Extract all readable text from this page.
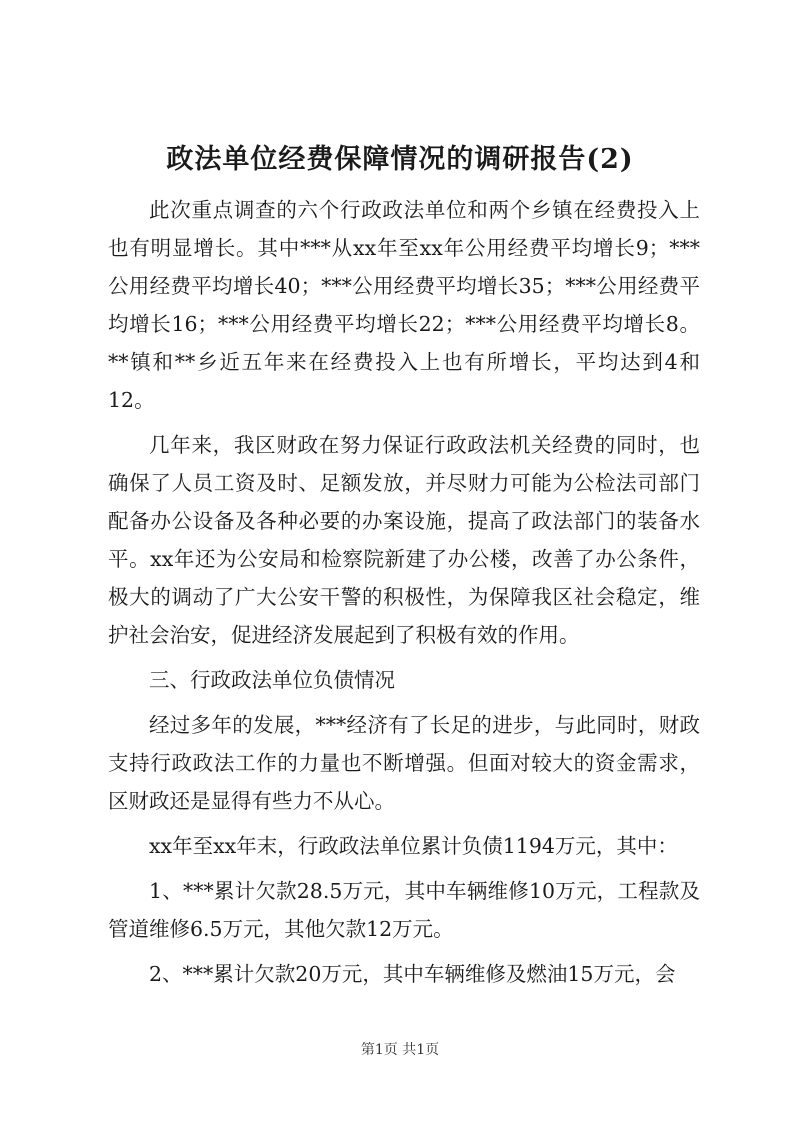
政法单位经费保障情况的调研报告(2)

此次重点调查的六个行政政法单位和两个乡镇在经费投入上也有明显增长。其中***从xx年至xx年公用经费平均增长9；***公用经费平均增长40；***公用经费平均增长35；***公用经费平均增长16；***公用经费平均增长22；***公用经费平均增长8。**镇和**乡近五年来在经费投入上也有所增长，平均达到4和12。

几年来，我区财政在努力保证行政政法机关经费的同时，也确保了人员工资及时、足额发放，并尽财力可能为公检法司部门配备办公设备及各种必要的办案设施，提高了政法部门的装备水平。xx年还为公安局和检察院新建了办公楼，改善了办公条件，极大的调动了广大公安干警的积极性，为保障我区社会稳定，维护社会治安，促进经济发展起到了积极有效的作用。

三、行政政法单位负债情况

经过多年的发展，***经济有了长足的进步，与此同时，财政支持行政政法工作的力量也不断增强。但面对较大的资金需求，区财政还是显得有些力不从心。

xx年至xx年末，行政政法单位累计负债1194万元，其中：

1、***累计欠款28.5万元，其中车辆维修10万元，工程款及管道维修6.5万元，其他欠款12万元。

2、***累计欠款20万元，其中车辆维修及燃油15万元，会

第1页 共1页
